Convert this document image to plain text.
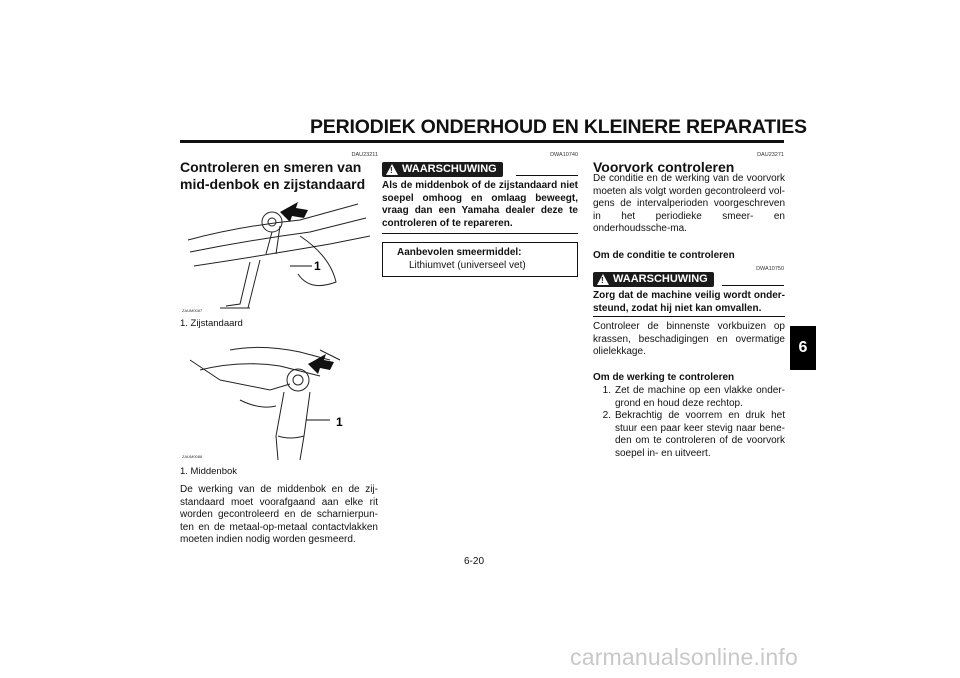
PERIODIEK ONDERHOUD EN KLEINERE REPARATIES
6
DAU23211
Controleren en smeren van mid-denbok en zijstandaard
1
ZAUM0087
1. Zijstandaard
1
ZAUM0088
1. Middenbok
De werking van de middenbok en de zij-standaard moet voorafgaand aan elke rit worden gecontroleerd en de scharnierpun-ten en de metaal-op-metaal contactvlakken moeten indien nodig worden gesmeerd.
DWA10740
! WAARSCHUWING
Als de middenbok of de zijstandaard niet soepel omhoog en omlaag beweegt, vraag dan een Yamaha dealer deze te controleren of te repareren.
Aanbevolen smeermiddel:
Lithiumvet (universeel vet)
DAU23271
Voorvork controleren
De conditie en de werking van de voorvork moeten als volgt worden gecontroleerd vol-gens de intervalperioden voorgeschreven in het periodieke smeer- en onderhoudssche-ma.
Om de conditie te controleren
DWA10750
! WAARSCHUWING
Zorg dat de machine veilig wordt onder-steund, zodat hij niet kan omvallen.
Controleer de binnenste vorkbuizen op krassen, beschadigingen en overmatige olielekkage.
Om de werking te controleren
1. Zet de machine op een vlakke onder-grond en houd deze rechtop.
2. Bekrachtig de voorrem en druk het stuur een paar keer stevig naar bene-den om te controleren of de voorvork soepel in- en uitveert.
6-20
carmanualsonline.info
